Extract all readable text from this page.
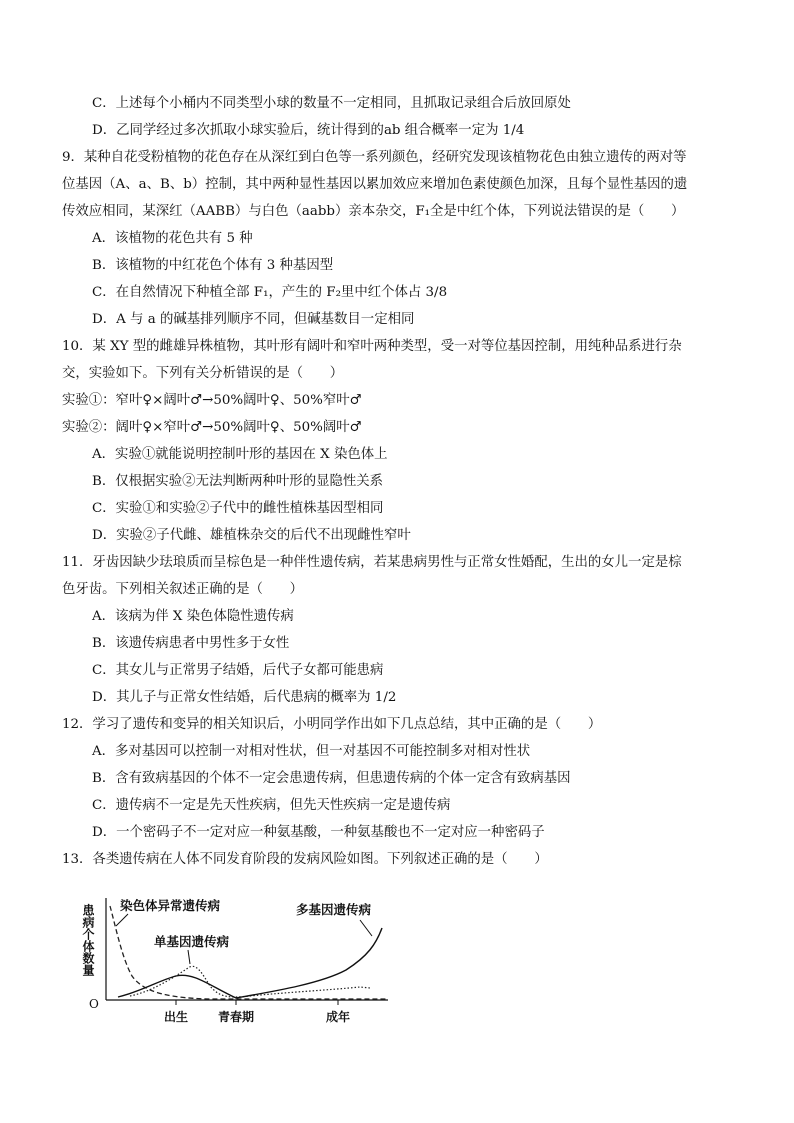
C．上述每个小桶内不同类型小球的数量不一定相同，且抓取记录组合后放回原处
D．乙同学经过多次抓取小球实验后，统计得到的ab 组合概率一定为 1/4
9．某种自花受粉植物的花色存在从深红到白色等一系列颜色，经研究发现该植物花色由独立遗传的两对等
位基因（A、a、B、b）控制，其中两种显性基因以累加效应来增加色素使颜色加深，且每个显性基因的遗
传效应相同，某深红（AABB）与白色（aabb）亲本杂交，F₁全是中红个体，下列说法错误的是（　　）
A．该植物的花色共有 5 种
B．该植物的中红花色个体有 3 种基因型
C．在自然情况下种植全部 F₁，产生的 F₂里中红个体占 3/8
D．A 与 a 的碱基排列顺序不同，但碱基数目一定相同
10．某 XY 型的雌雄异株植物，其叶形有阔叶和窄叶两种类型，受一对等位基因控制，用纯种品系进行杂
交，实验如下。下列有关分析错误的是（　　）
实验①：窄叶♀×阔叶♂→50%阔叶♀、50%窄叶♂
实验②：阔叶♀×窄叶♂→50%阔叶♀、50%阔叶♂
A．实验①就能说明控制叶形的基因在 X 染色体上
B．仅根据实验②无法判断两种叶形的显隐性关系
C．实验①和实验②子代中的雌性植株基因型相同
D．实验②子代雌、雄植株杂交的后代不出现雌性窄叶
11．牙齿因缺少珐琅质而呈棕色是一种伴性遗传病，若某患病男性与正常女性婚配，生出的女儿一定是棕
色牙齿。下列相关叙述正确的是（　　）
A．该病为伴 X 染色体隐性遗传病
B．该遗传病患者中男性多于女性
C．其女儿与正常男子结婚，后代子女都可能患病
D．其儿子与正常女性结婚，后代患病的概率为 1/2
12．学习了遗传和变异的相关知识后，小明同学作出如下几点总结，其中正确的是（　　）
A．多对基因可以控制一对相对性状，但一对基因不可能控制多对相对性状
B．含有致病基因的个体不一定会患遗传病，但患遗传病的个体一定含有致病基因
C．遗传病不一定是先天性疾病，但先天性疾病一定是遗传病
D．一个密码子不一定对应一种氨基酸，一种氨基酸也不一定对应一种密码子
13．各类遗传病在人体不同发育阶段的发病风险如图。下列叙述正确的是（　　）
患病个体数量
O
出生 青春期	成年
染色体异常遗传病
单基因遗传病
多基因遗传病
